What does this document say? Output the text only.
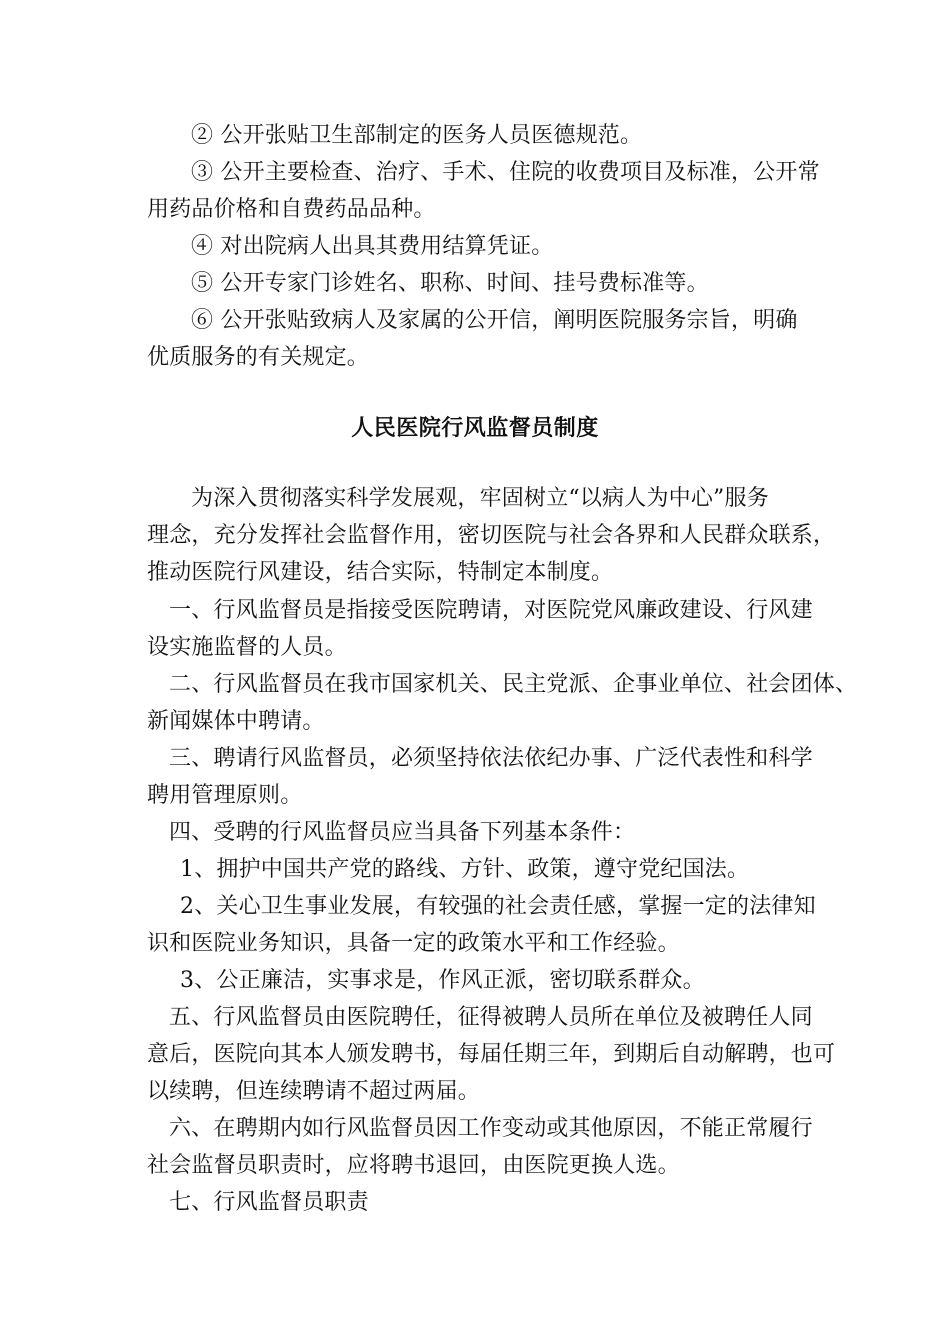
② 公开张贴卫生部制定的医务人员医德规范。
③ 公开主要检查、治疗、手术、住院的收费项目及标准，公开常
用药品价格和自费药品品种。
④ 对出院病人出具其费用结算凭证。
⑤ 公开专家门诊姓名、职称、时间、挂号费标准等。
⑥ 公开张贴致病人及家属的公开信，阐明医院服务宗旨，明确
优质服务的有关规定。
人民医院行风监督员制度
为深入贯彻落实科学发展观，牢固树立“以病人为中心”服务
理念，充分发挥社会监督作用，密切医院与社会各界和人民群众联系，
推动医院行风建设，结合实际，特制定本制度。
一、行风监督员是指接受医院聘请，对医院党风廉政建设、行风建
设实施监督的人员。
二、行风监督员在我市国家机关、民主党派、企事业单位、社会团体、
新闻媒体中聘请。
三、聘请行风监督员，必须坚持依法依纪办事、广泛代表性和科学
聘用管理原则。
四、受聘的行风监督员应当具备下列基本条件：
1、拥护中国共产党的路线、方针、政策，遵守党纪国法。
2、关心卫生事业发展，有较强的社会责任感，掌握一定的法律知
识和医院业务知识，具备一定的政策水平和工作经验。
3、公正廉洁，实事求是，作风正派，密切联系群众。
五、行风监督员由医院聘任，征得被聘人员所在单位及被聘任人同
意后，医院向其本人颁发聘书，每届任期三年，到期后自动解聘，也可
以续聘，但连续聘请不超过两届。
六、在聘期内如行风监督员因工作变动或其他原因，不能正常履行
社会监督员职责时，应将聘书退回，由医院更换人选。
七、行风监督员职责
